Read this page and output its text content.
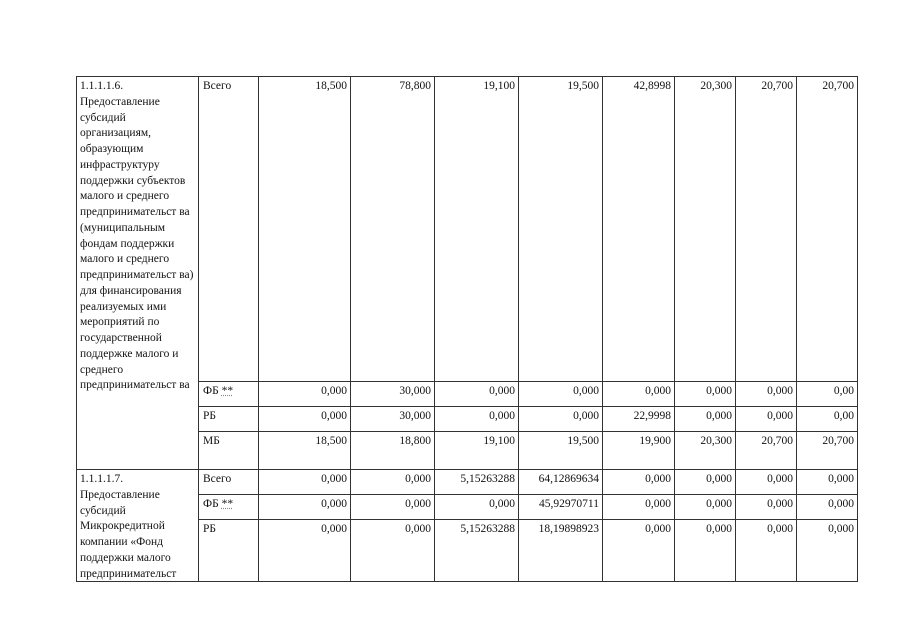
1.1.1.1.6. Предоставление субсидий организациям, образующим инфраструктуру поддержки субъектов малого и среднего предпринимательст ва (муниципальным фондам поддержки малого и среднего предпринимательст ва) для финансирования реализуемых ими мероприятий по государственной поддержке малого и среднего предпринимательст ва	Всего	18,500	78,800	19,100	19,500	42,8998	20,300	20,700	20,700
	ФБ **	0,000	30,000	0,000	0,000	0,000	0,000	0,000	0,00
	РБ	0,000	30,000	0,000	0,000	22,9998	0,000	0,000	0,00
	МБ	18,500	18,800	19,100	19,500	19,900	20,300	20,700	20,700

1.1.1.1.7. Предоставление субсидий Микрокредитной компании «Фонд поддержки малого предпринимательст	Всего	0,000	0,000	5,15263288	64,12869634	0,000	0,000	0,000	0,000
	ФБ **	0,000	0,000	0,000	45,92970711	0,000	0,000	0,000	0,000
	РБ	0,000	0,000	5,15263288	18,19898923	0,000	0,000	0,000	0,000
